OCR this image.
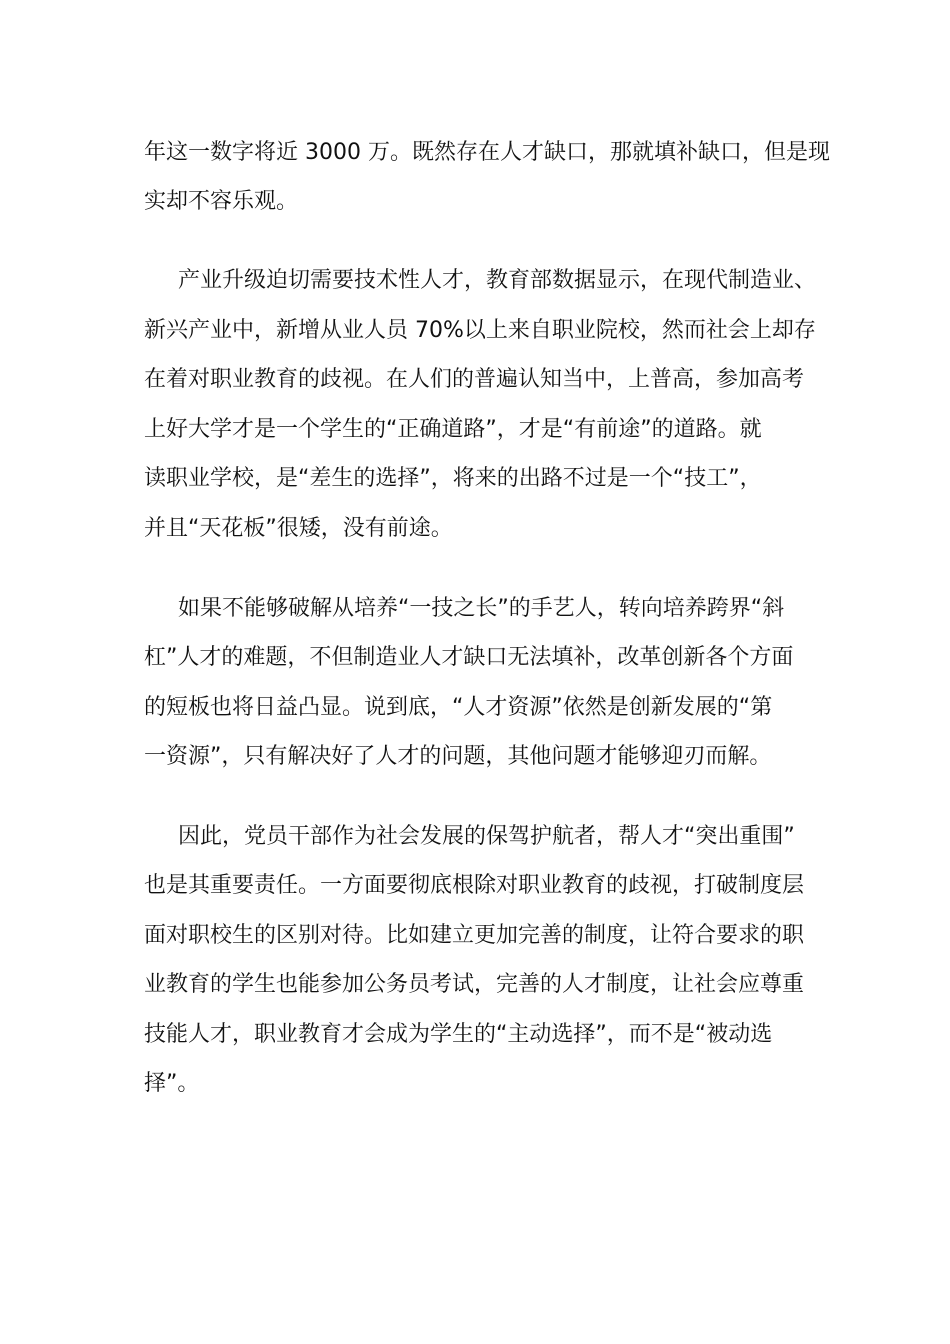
年这一数字将近 3000 万。既然存在人才缺口，那就填补缺口，但是现
实却不容乐观。
产业升级迫切需要技术性人才，教育部数据显示，在现代制造业、
新兴产业中，新增从业人员 70%以上来自职业院校，然而社会上却存
在着对职业教育的歧视。在人们的普遍认知当中，上普高，参加高考
上好大学才是一个学生的“正确道路”，才是“有前途”的道路。就
读职业学校，是“差生的选择”，将来的出路不过是一个“技工”，
并且“天花板”很矮，没有前途。
如果不能够破解从培养“一技之长”的手艺人，转向培养跨界“斜
杠”人才的难题，不但制造业人才缺口无法填补，改革创新各个方面
的短板也将日益凸显。说到底，“人才资源”依然是创新发展的“第
一资源”，只有解决好了人才的问题，其他问题才能够迎刃而解。
因此，党员干部作为社会发展的保驾护航者，帮人才“突出重围”
也是其重要责任。一方面要彻底根除对职业教育的歧视，打破制度层
面对职校生的区别对待。比如建立更加完善的制度，让符合要求的职
业教育的学生也能参加公务员考试，完善的人才制度，让社会应尊重
技能人才，职业教育才会成为学生的“主动选择”，而不是“被动选
择”。
